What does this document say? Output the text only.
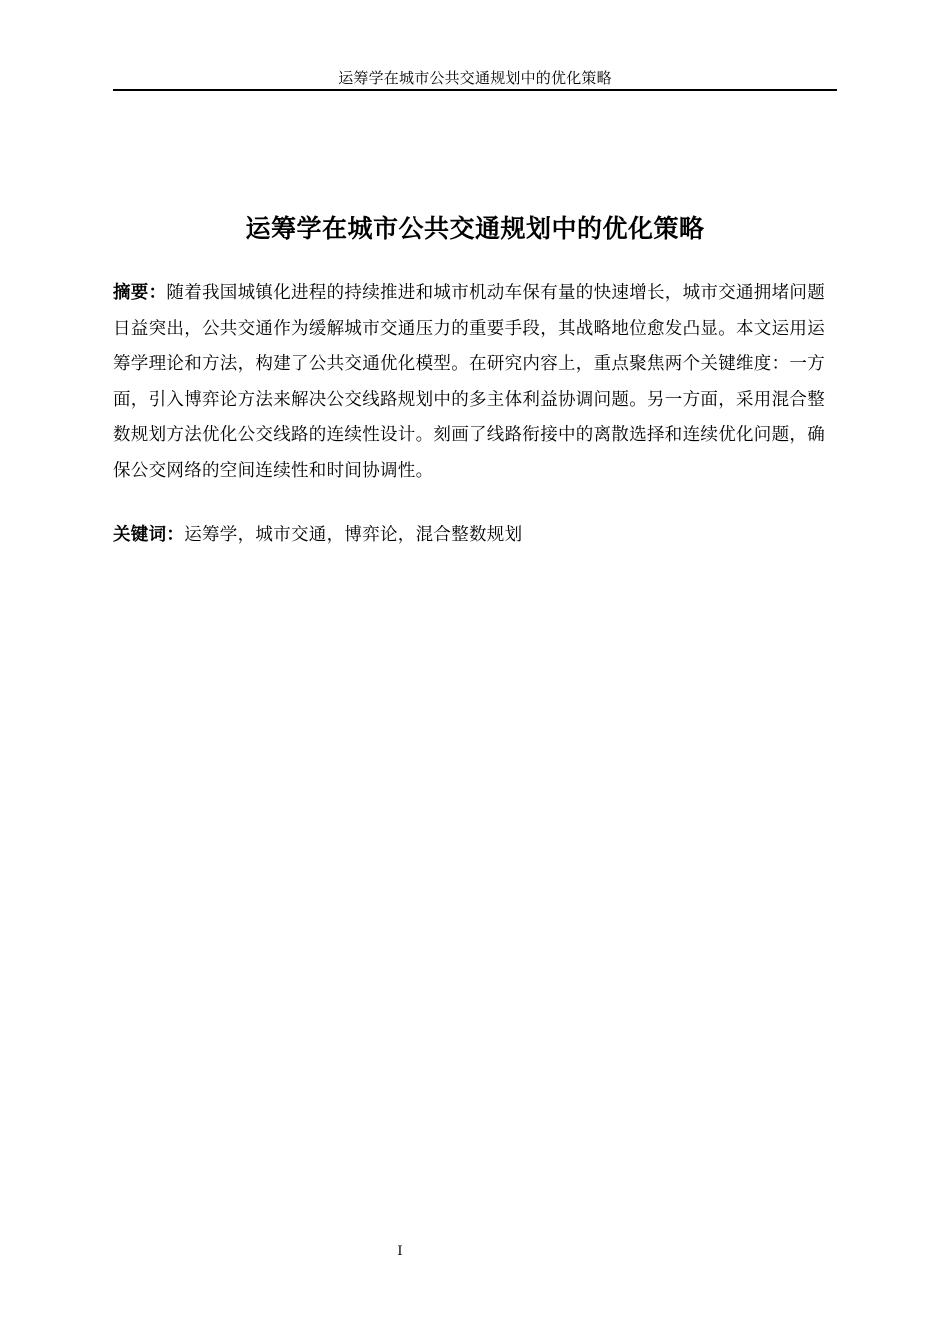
运筹学在城市公共交通规划中的优化策略
运筹学在城市公共交通规划中的优化策略
摘要：随着我国城镇化进程的持续推进和城市机动车保有量的快速增长，城市交通拥堵问题日益突出，公共交通作为缓解城市交通压力的重要手段，其战略地位愈发凸显。本文运用运筹学理论和方法，构建了公共交通优化模型。在研究内容上，重点聚焦两个关键维度：一方面，引入博弈论方法来解决公交线路规划中的多主体利益协调问题。另一方面，采用混合整数规划方法优化公交线路的连续性设计。刻画了线路衔接中的离散选择和连续优化问题，确保公交网络的空间连续性和时间协调性。
关键词：运筹学，城市交通，博弈论，混合整数规划
I
